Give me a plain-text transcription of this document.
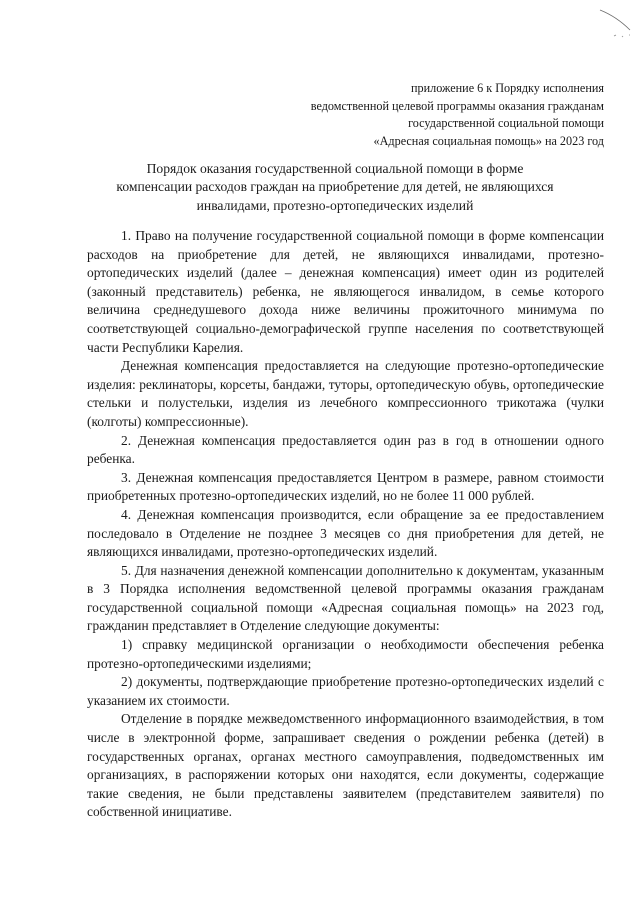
приложение 6 к Порядку исполнения
ведомственной целевой программы оказания гражданам
государственной социальной помощи
«Адресная социальная помощь» на 2023 год
Порядок оказания государственной социальной помощи в форме
компенсации расходов граждан на приобретение для детей, не являющихся
инвалидами, протезно-ортопедических изделий

1. Право на получение государственной социальной помощи в форме компенсации расходов на приобретение для детей, не являющихся инвалидами, протезно-ортопедических изделий (далее – денежная компенсация) имеет один из родителей (законный представитель) ребенка, не являющегося инвалидом, в семье которого величина среднедушевого дохода ниже величины прожиточного минимума по соответствующей социально-демографической группе населения по соответствующей части Республики Карелия.

Денежная компенсация предоставляется на следующие протезно-ортопедические изделия: реклинаторы, корсеты, бандажи, туторы, ортопедическую обувь, ортопедические стельки и полустельки, изделия из лечебного компрессионного трикотажа (чулки (колготы) компрессионные).

2. Денежная компенсация предоставляется один раз в год в отношении одного ребенка.

3. Денежная компенсация предоставляется Центром в размере, равном стоимости приобретенных протезно-ортопедических изделий, но не более 11 000 рублей.

4. Денежная компенсация производится, если обращение за ее предоставлением последовало в Отделение не позднее 3 месяцев со дня приобретения для детей, не являющихся инвалидами, протезно-ортопедических изделий.

5. Для назначения денежной компенсации дополнительно к документам, указанным в 3 Порядка исполнения ведомственной целевой программы оказания гражданам государственной социальной помощи «Адресная социальная помощь» на 2023 год, гражданин представляет в Отделение следующие документы:

1) справку медицинской организации о необходимости обеспечения ребенка протезно-ортопедическими изделиями;

2) документы, подтверждающие приобретение протезно-ортопедических изделий с указанием их стоимости.

Отделение в порядке межведомственного информационного взаимодействия, в том числе в электронной форме, запрашивает сведения о рождении ребенка (детей) в государственных органах, органах местного самоуправления, подведомственных им организациях, в распоряжении которых они находятся, если документы, содержащие такие сведения, не были представлены заявителем (представителем заявителя) по собственной инициативе.
